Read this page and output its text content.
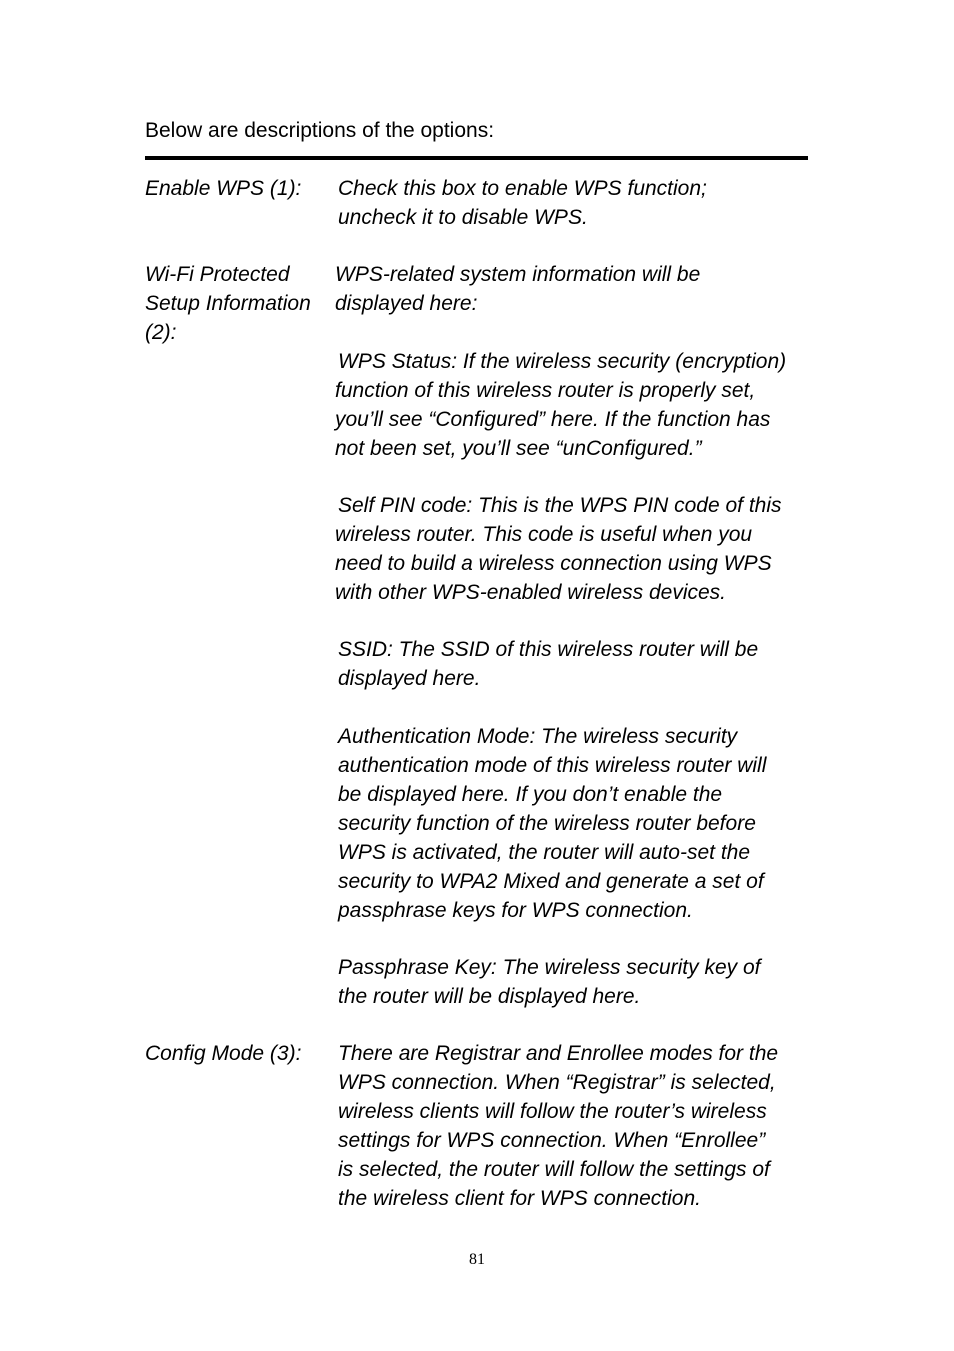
Below are descriptions of the options:
Enable WPS (1):	Check this box to enable WPS function;
uncheck it to disable WPS.
Wi-Fi Protected
Setup Information
(2):
WPS-related system information will be
displayed here:
WPS Status: If the wireless security (encryption)
function of this wireless router is properly set,
you’ll see “Configured” here. If the function has
not been set, you’ll see “unConfigured.”
Self PIN code: This is the WPS PIN code of this
wireless router. This code is useful when you
need to build a wireless connection using WPS
with other WPS-enabled wireless devices.
SSID: The SSID of this wireless router will be
displayed here.
Authentication Mode: The wireless security
authentication mode of this wireless router will
be displayed here. If you don’t enable the
security function of the wireless router before
WPS is activated, the router will auto-set the
security to WPA2 Mixed and generate a set of
passphrase keys for WPS connection.
Passphrase Key: The wireless security key of
the router will be displayed here.
Config Mode (3):	There are Registrar and Enrollee modes for the
WPS connection. When “Registrar” is selected,
wireless clients will follow the router’s wireless
settings for WPS connection. When “Enrollee”
is selected, the router will follow the settings of
the wireless client for WPS connection.
81
